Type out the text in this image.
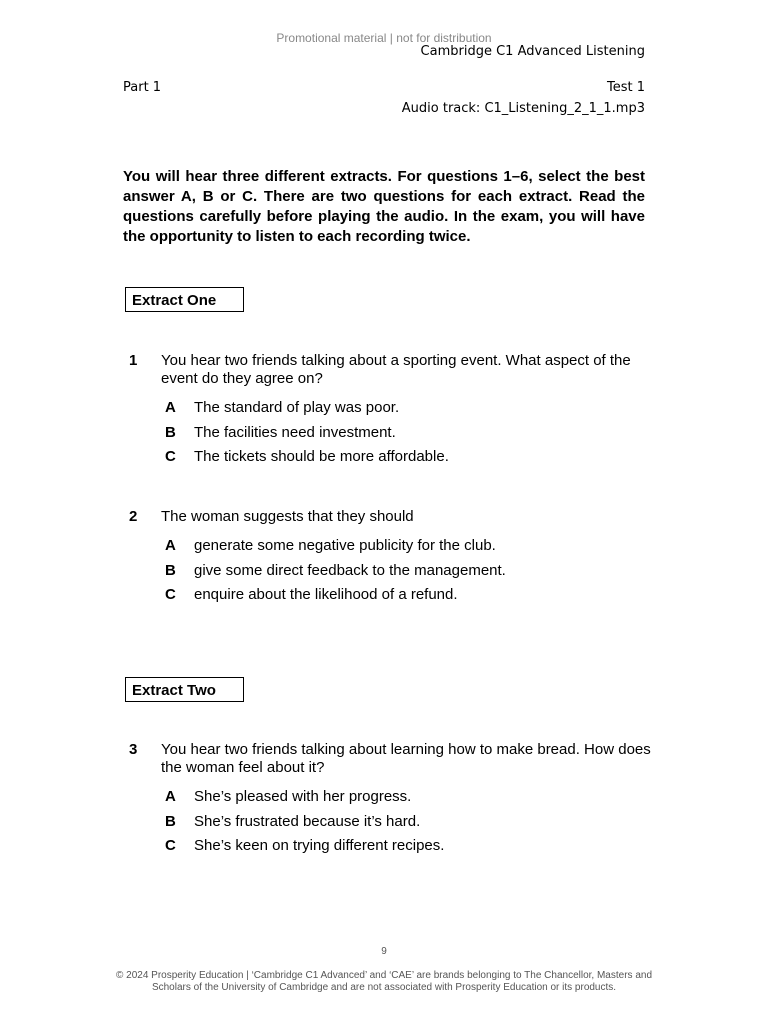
Promotional material | not for distribution
Cambridge C1 Advanced Listening
Part 1	Test 1
Audio track: C1_Listening_2_1_1.mp3
You will hear three different extracts. For questions 1–6, select the best answer A, B or C. There are two questions for each extract. Read the questions carefully before playing the audio. In the exam, you will have the opportunity to listen to each recording twice.
Extract One
1 You hear two friends talking about a sporting event. What aspect of the event do they agree on?
A The standard of play was poor.
B The facilities need investment.
C The tickets should be more affordable.
2 The woman suggests that they should
A generate some negative publicity for the club.
B give some direct feedback to the management.
C enquire about the likelihood of a refund.
Extract Two
3 You hear two friends talking about learning how to make bread. How does the woman feel about it?
A She’s pleased with her progress.
B She’s frustrated because it’s hard.
C She’s keen on trying different recipes.
9
© 2024 Prosperity Education | ‘Cambridge C1 Advanced’ and ‘CAE’ are brands belonging to The Chancellor, Masters and
Scholars of the University of Cambridge and are not associated with Prosperity Education or its products.
